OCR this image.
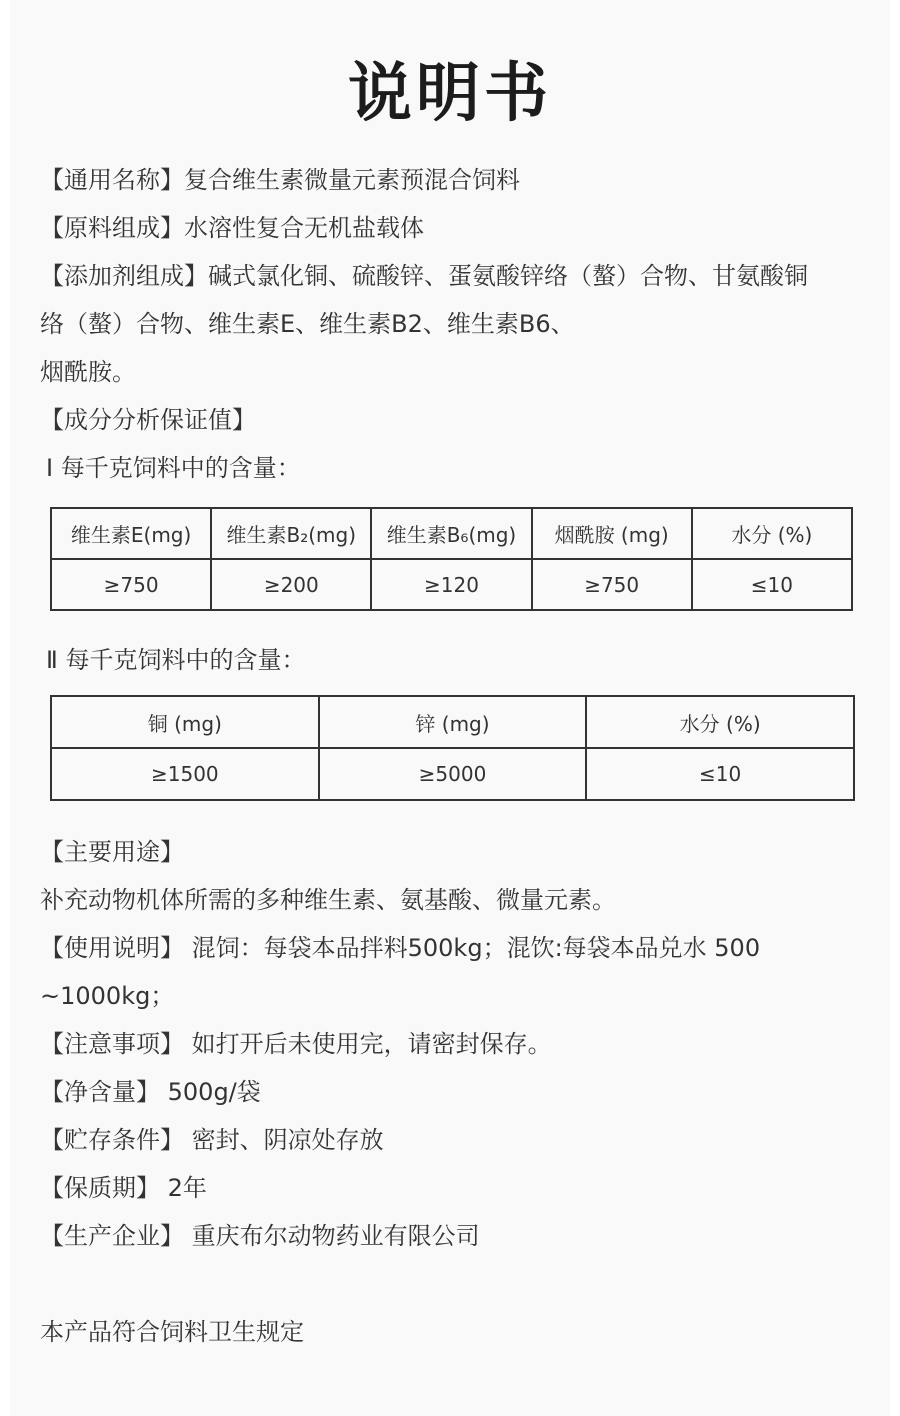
说明书
【通用名称】复合维生素微量元素预混合饲料
【原料组成】水溶性复合无机盐载体
【添加剂组成】碱式氯化铜、硫酸锌、蛋氨酸锌络（螯）合物、甘氨酸铜
络（螯）合物、维生素E、维生素B2、维生素B6、
烟酰胺。
【成分分析保证值】
Ⅰ 每千克饲料中的含量：
维生素E(mg)	维生素B₂(mg)	维生素B₆(mg)	烟酰胺 (mg)	水分 (%)
≥750	≥200	≥120	≥750	≤10
Ⅱ 每千克饲料中的含量：
铜 (mg)	锌 (mg)	水分 (%)
≥1500	≥5000	≤10
【主要用途】
补充动物机体所需的多种维生素、氨基酸、微量元素。
【使用说明】 混饲：每袋本品拌料500kg；混饮:每袋本品兑水 500
~1000kg；
【注意事项】 如打开后未使用完，请密封保存。
【净含量】 500g/袋
【贮存条件】 密封、阴凉处存放
【保质期】 2年
【生产企业】 重庆布尔动物药业有限公司
本产品符合饲料卫生规定
